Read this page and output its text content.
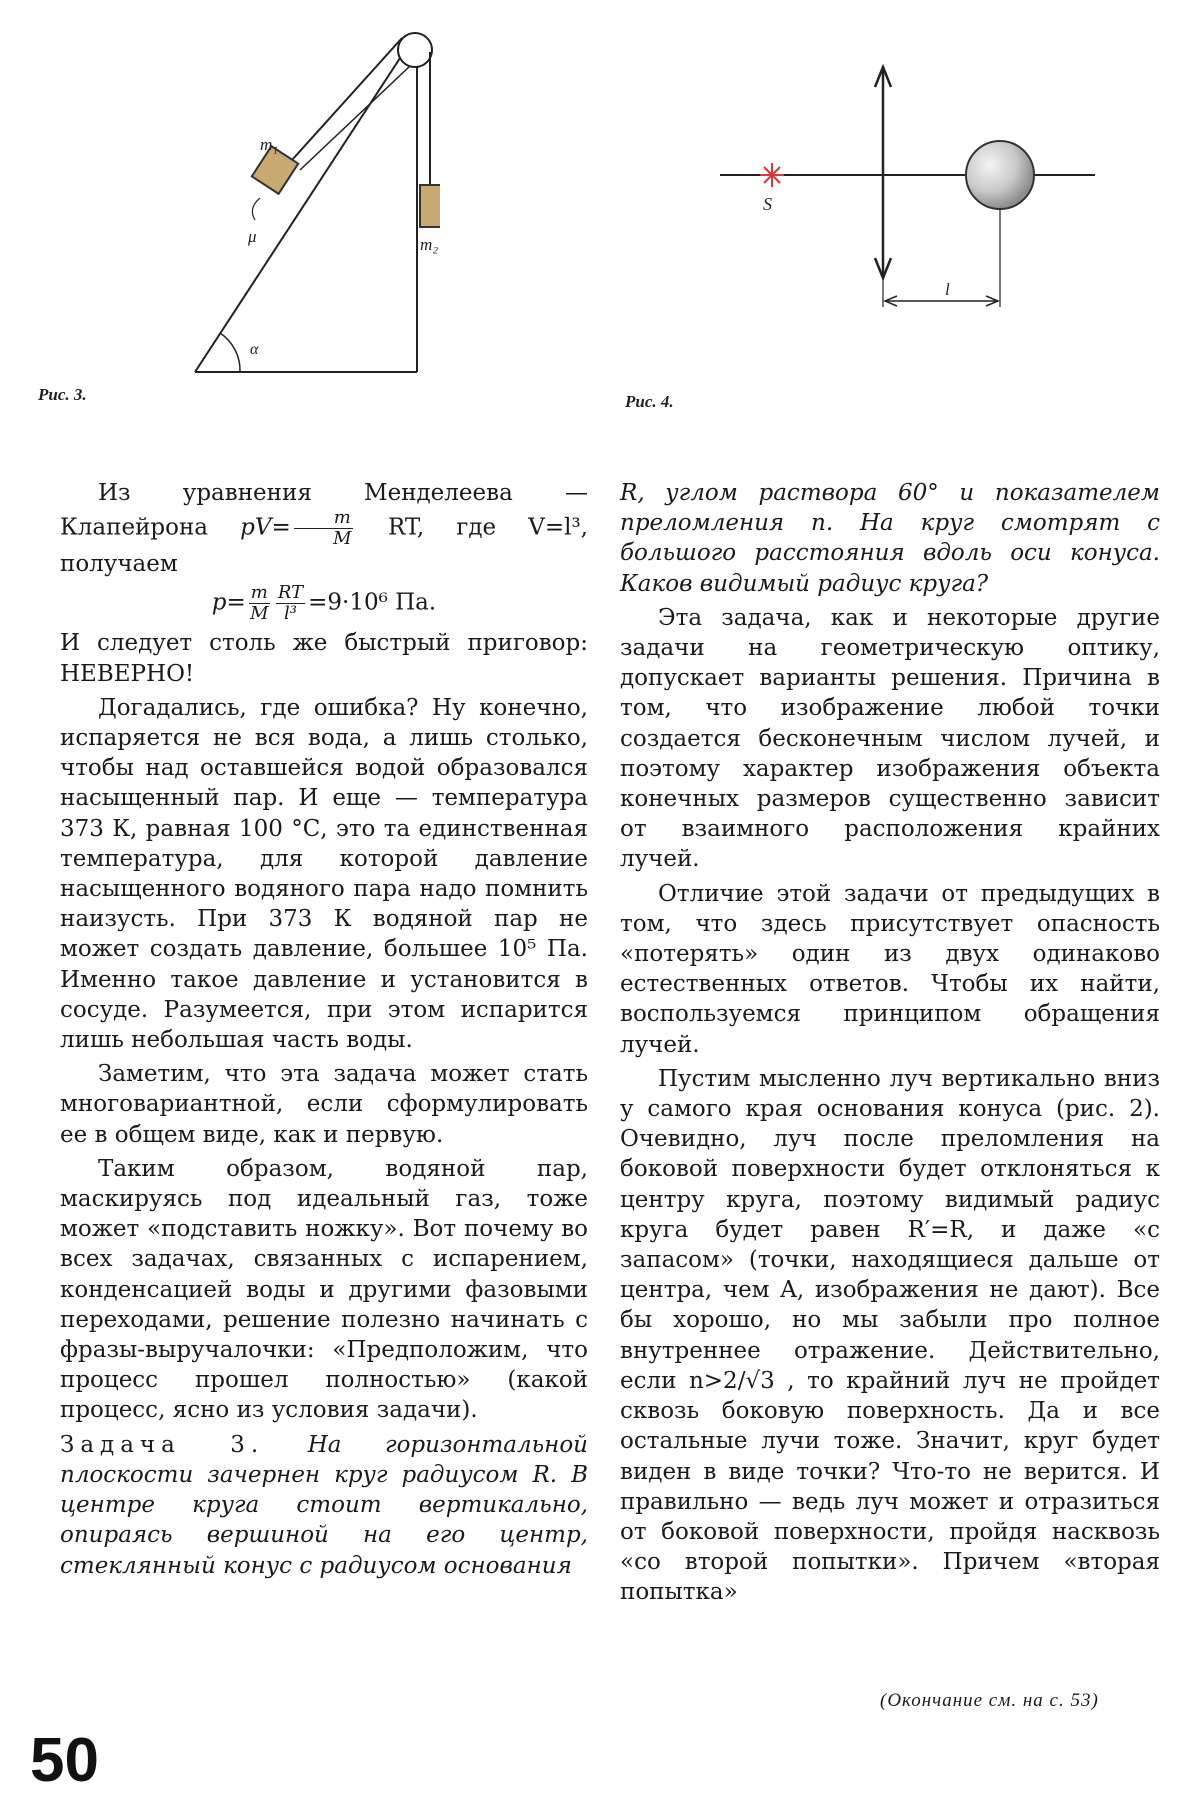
m₁
m₂
μ
α
Рис. 3.
S
l
Рис. 4.

Из уравнения Менделеева — Клапейрона $pV= \frac{m}{M}$ RT, где V=l³, получаем

$p= \frac{m}{M} \frac{RT}{\text{l³}} =9\cdot 10^6$ Па.

И следует столь же быстрый приговор: НЕВЕРНО!

Догадались, где ошибка? Ну конечно, испаряется не вся вода, а лишь столько, чтобы над оставшейся водой образовался насыщенный пар. И еще — температура 373 К, равная 100 °С, это та единственная температура, для которой давление насыщенного водяного пара надо помнить наизусть. При 373 К водяной пар не может создать давление, большее 10⁵ Па. Именно такое давление и установится в сосуде. Разумеется, при этом испарится лишь небольшая часть воды.

Заметим, что эта задача может стать многовариантной, если сформулировать ее в общем виде, как и первую.

Таким образом, водяной пар, маскируясь под идеальный газ, тоже может «подставить ножку». Вот почему во всех задачах, связанных с испарением, конденсацией воды и другими фазовыми переходами, решение полезно начинать с фразы-выручалочки: «Предположим, что процесс прошел полностью» (какой процесс, ясно из условия задачи).

Задача 3. На горизонтальной плоскости зачернен круг радиусом R. В центре круга стоит вертикально, опираясь вершиной на его центр, стеклянный конус с радиусом основания

R, углом раствора 60° и показателем преломления n. На круг смотрят с большого расстояния вдоль оси конуса. Каков видимый радиус круга?

Эта задача, как и некоторые другие задачи на геометрическую оптику, допускает варианты решения. Причина в том, что изображение любой точки создается бесконечным числом лучей, и поэтому характер изображения объекта конечных размеров существенно зависит от взаимного расположения крайних лучей.

Отличие этой задачи от предыдущих в том, что здесь присутствует опасность «потерять» один из двух одинаково естественных ответов. Чтобы их найти, воспользуемся принципом обращения лучей.

Пустим мысленно луч вертикально вниз у самого края основания конуса (рис. 2). Очевидно, луч после преломления на боковой поверхности будет отклоняться к центру круга, поэтому видимый радиус круга будет равен R′=R, и даже «с запасом» (точки, находящиеся дальше от центра, чем A, изображения не дают). Все бы хорошо, но мы забыли про полное внутреннее отражение. Действительно, если n>2/√3 , то крайний луч не пройдет сквозь боковую поверхность. Да и все остальные лучи тоже. Значит, круг будет виден в виде точки? Что-то не верится. И правильно — ведь луч может и отразиться от боковой поверхности, пройдя насквозь «со второй попытки». Причем «вторая попытка»

(Окончание см. на с. 53)
50
